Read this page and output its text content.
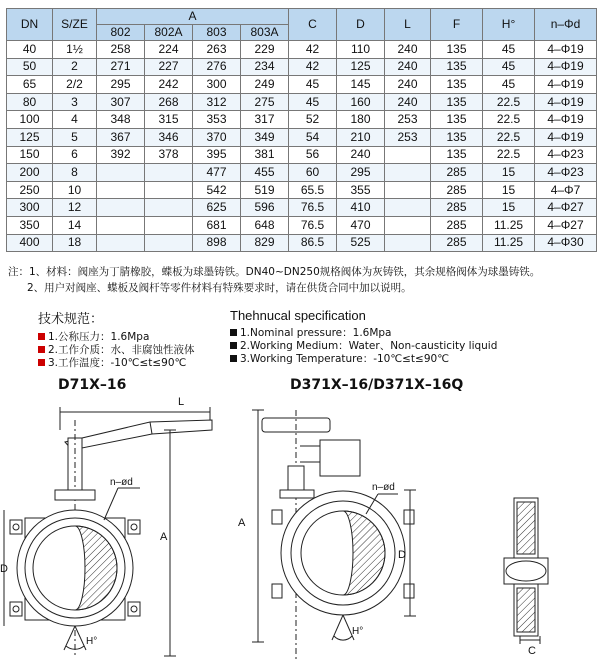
DN	S/ZE	A				C	D	L	F	H°	n–Φd
		802	802A	803	803A						
40	1½	258	224	263	229	42	110	240	135	45	4–Φ19
50	2	271	227	276	234	42	125	240	135	45	4–Φ19
65	2/2	295	242	300	249	45	145	240	135	45	4–Φ19
80	3	307	268	312	275	45	160	240	135	22.5	4–Φ19
100	4	348	315	353	317	52	180	253	135	22.5	4–Φ19
125	5	367	346	370	349	54	210	253	135	22.5	4–Φ19
150	6	392	378	395	381	56	240		135	22.5	4–Φ23
200	8			477	455	60	295		285	15	4–Φ23
250	10			542	519	65.5	355		285	15	4–Φ7
300	12			625	596	76.5	410		285	15	4–Φ27
350	14			681	648	76.5	470		285	11.25	4–Φ27
400	18			898	829	86.5	525		285	11.25	4–Φ30
注：1、材料：阀座为丁腈橡胶，蝶板为球墨铸铁。DN40~DN250规格阀体为灰铸铁，其余规格阀体为球墨铸铁。
2、用户对阀座、蝶板及阀杆等零件材料有特殊要求时，请在供货合同中加以说明。
技术规范：
1.公称压力：1.6Mpa
2.工作介质：水、非腐蚀性液体
3.工作温度：-10℃≤t≤90℃
Thehnucal specification
1.Nominal pressure：1.6Mpa
2.Working Medium：Water、Non-causticity liquid
3.Working Temperature：-10℃≤t≤90℃
D71X–16	D371X–16/D371X–16Q
L
n–ød
D
A
H°
A
D
n–ød
H°
C
